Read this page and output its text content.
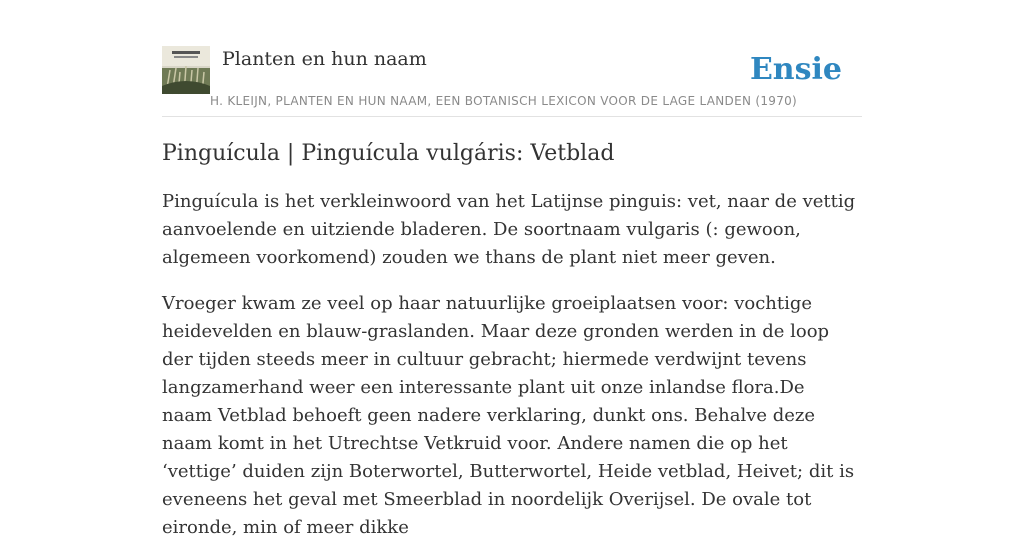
Planten en hun naam	Ensie
H. KLEIJN, PLANTEN EN HUN NAAM, EEN BOTANISCH LEXICON VOOR DE LAGE LANDEN (1970)
Pinguícula | Pinguícula vulgáris: Vetblad

Pinguícula is het verkleinwoord van het Latijnse pinguis: vet, naar de vettig aanvoelende en uitziende bladeren. De soortnaam vulgaris (: gewoon, algemeen voorkomend) zouden we thans de plant niet meer geven.

Vroeger kwam ze veel op haar natuurlijke groeiplaatsen voor: vochtige heidevelden en blauw-graslanden. Maar deze gronden werden in de loop der tijden steeds meer in cultuur gebracht; hiermede verdwijnt tevens langzamerhand weer een interessante plant uit onze inlandse flora.De naam Vetblad behoeft geen nadere verklaring, dunkt ons. Behalve deze naam komt in het Utrechtse Vetkruid voor. Andere namen die op het ‘vettige’ duiden zijn Boterwortel, Butterwortel, Heide vetblad, Heivet; dit is eveneens het geval met Smeerblad in noordelijk Overijsel. De ovale tot eironde, min of meer dikke
